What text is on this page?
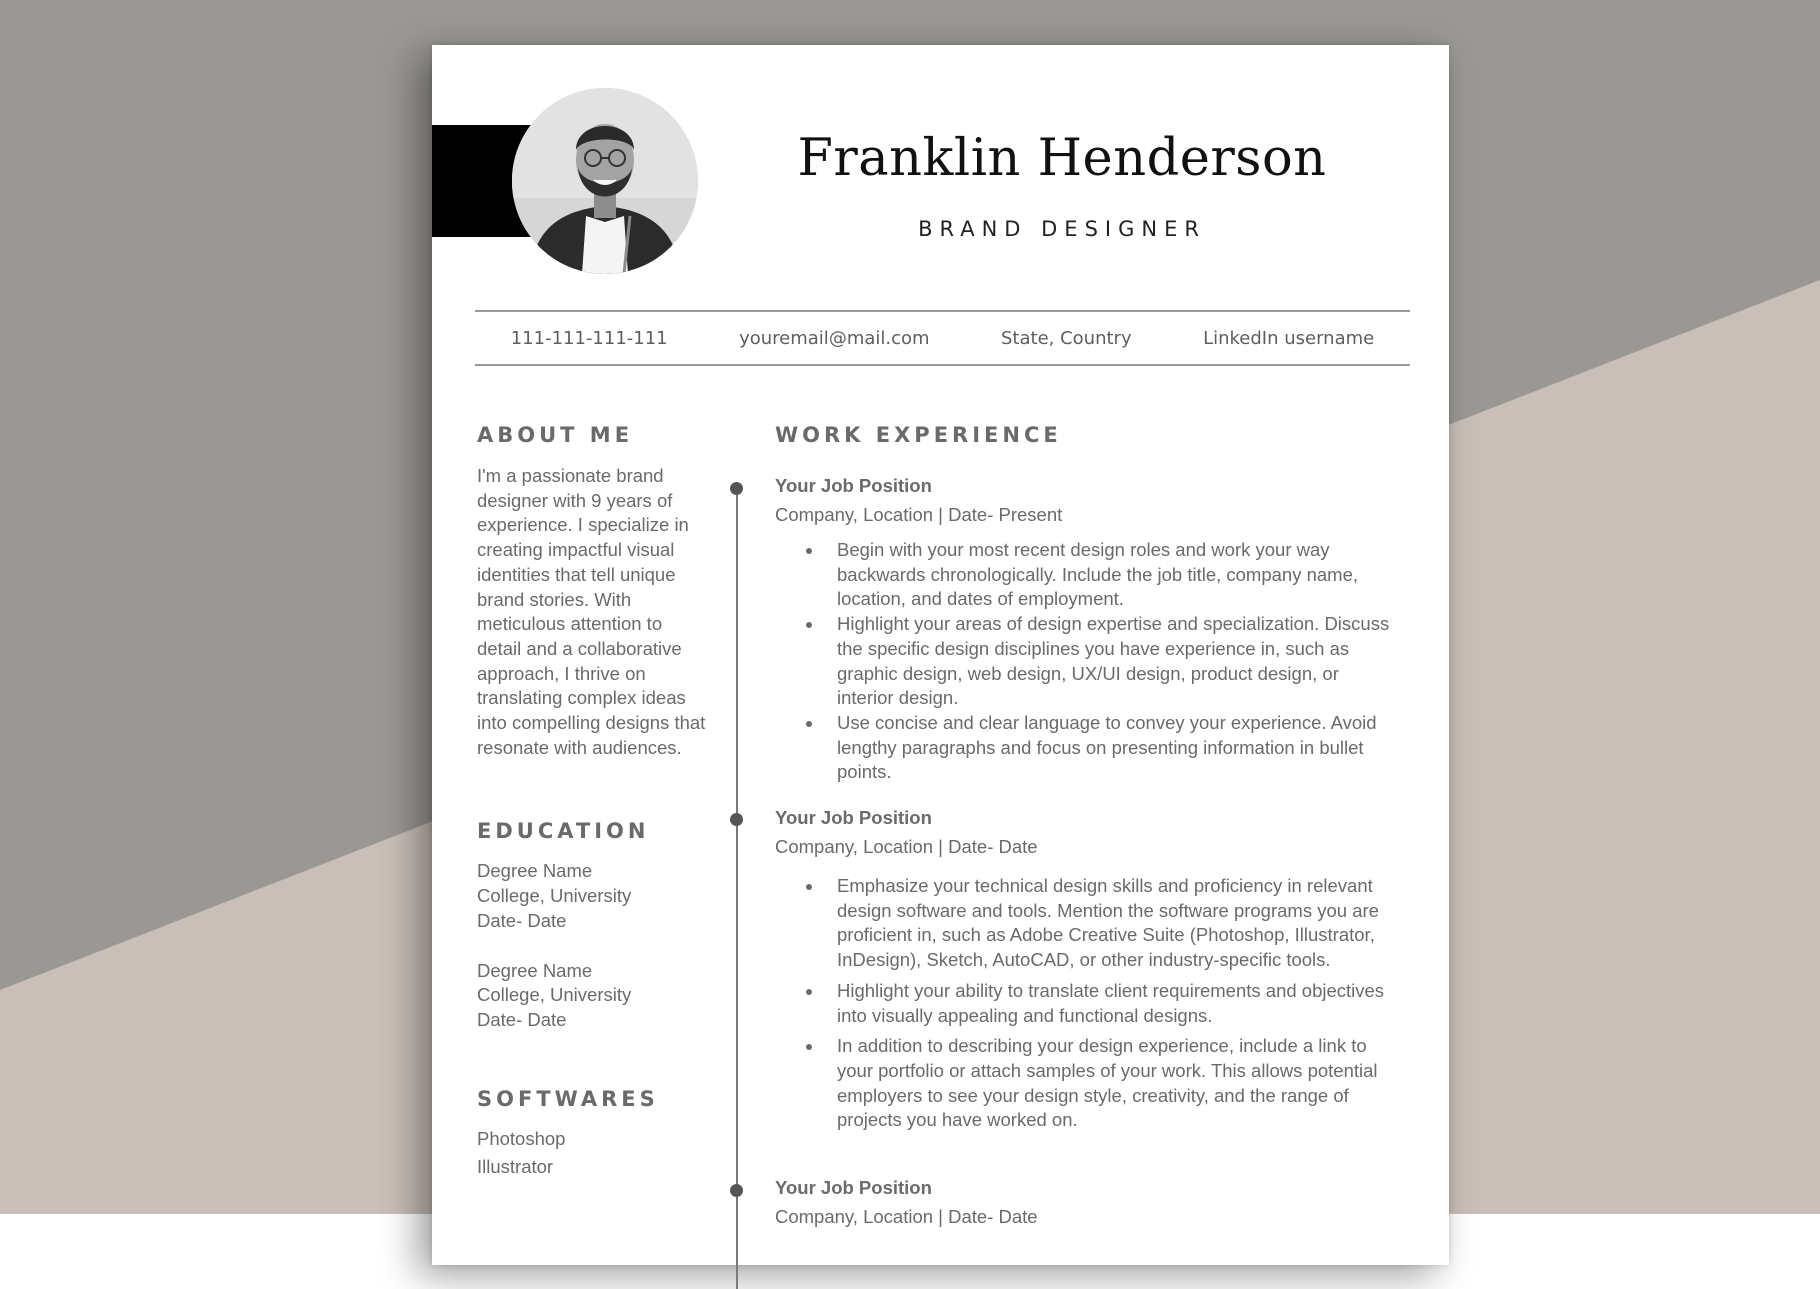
Franklin Henderson
BRAND DESIGNER
111-111-111-111	youremail@mail.com	State, Country	LinkedIn username
ABOUT ME
I'm a passionate brand designer with 9 years of experience. I specialize in creating impactful visual identities that tell unique brand stories. With meticulous attention to detail and a collaborative approach, I thrive on translating complex ideas into compelling designs that resonate with audiences.
EDUCATION
Degree Name
College, University
Date- Date
Degree Name
College, University
Date- Date
SOFTWARES
Photoshop
Illustrator
WORK EXPERIENCE
Your Job Position
Company, Location | Date- Present
Begin with your most recent design roles and work your way backwards chronologically. Include the job title, company name, location, and dates of employment.
Highlight your areas of design expertise and specialization. Discuss the specific design disciplines you have experience in, such as graphic design, web design, UX/UI design, product design, or interior design.
Use concise and clear language to convey your experience. Avoid lengthy paragraphs and focus on presenting information in bullet points.
Your Job Position
Company, Location | Date- Date
Emphasize your technical design skills and proficiency in relevant design software and tools. Mention the software programs you are proficient in, such as Adobe Creative Suite (Photoshop, Illustrator, InDesign), Sketch, AutoCAD, or other industry-specific tools.
Highlight your ability to translate client requirements and objectives into visually appealing and functional designs.
In addition to describing your design experience, include a link to your portfolio or attach samples of your work. This allows potential employers to see your design style, creativity, and the range of projects you have worked on.
Your Job Position
Company, Location | Date- Date
